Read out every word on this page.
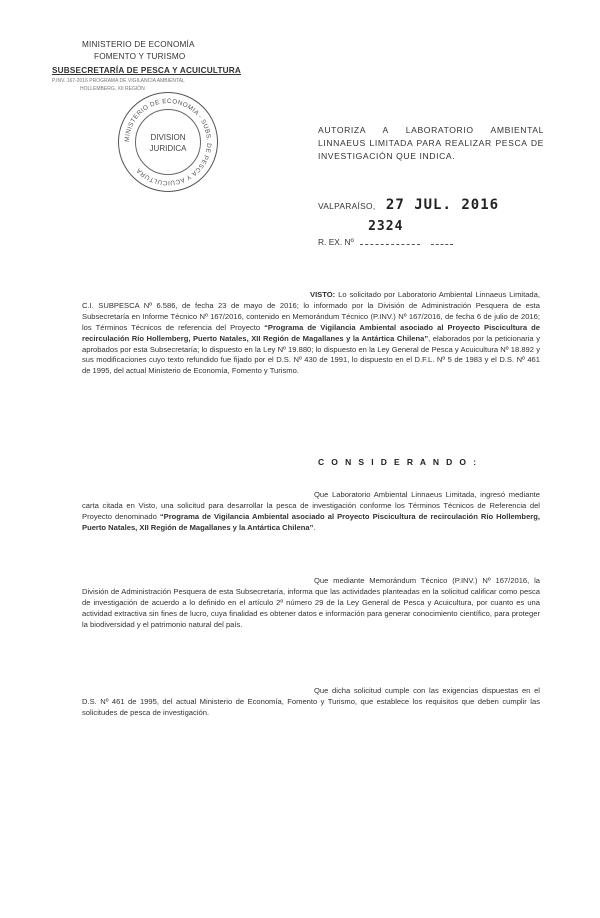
MINISTERIO DE ECONOMÍA
FOMENTO Y TURISMO
SUBSECRETARÍA DE PESCA Y ACUICULTURA
P.INV. 167-2016 PROGRAMA DE VIGILANCIA AMBIENTAL
HOLLEMBERG, XII REGIÓN
MINISTERIO DE ECONOMIA - SUBS. DE PESCA Y ACUICULTURA
DIVISION
JURIDICA
AUTORIZA A LABORATORIO AMBIENTAL LINNAEUS LIMITADA PARA REALIZAR PESCA DE INVESTIGACIÓN QUE INDICA.
VALPARAÍSO, 27 JUL. 2016
R. EX. Nº
2324

VISTO: Lo solicitado por Laboratorio Ambiental Linnaeus Limitada, C.I. SUBPESCA Nº 6.586, de fecha 23 de mayo de 2016; lo informado por la División de Administración Pesquera de esta Subsecretaría en Informe Técnico Nº 167/2016, contenido en Memorándum Técnico (P.INV.) Nº 167/2016, de fecha 6 de julio de 2016; los Términos Técnicos de referencia del Proyecto “Programa de Vigilancia Ambiental asociado al Proyecto Piscicultura de recirculación Río Hollemberg, Puerto Natales, XII Región de Magallanes y la Antártica Chilena”, elaborados por la peticionaria y aprobados por esta Subsecretaría; lo dispuesto en la Ley Nº 19.880; lo dispuesto en la Ley General de Pesca y Acuicultura Nº 18.892 y sus modificaciones cuyo texto refundido fue fijado por el D.S. Nº 430 de 1991, lo dispuesto en el D.F.L. Nº 5 de 1983 y el D.S. Nº 461 de 1995, del actual Ministerio de Economía, Fomento y Turismo.

C O N S I D E R A N D O :

Que Laboratorio Ambiental Linnaeus Limitada, ingresó mediante carta citada en Visto, una solicitud para desarrollar la pesca de investigación conforme los Términos Técnicos de Referencia del Proyecto denominado “Programa de Vigilancia Ambiental asociado al Proyecto Piscicultura de recirculación Río Hollemberg, Puerto Natales, XII Región de Magallanes y la Antártica Chilena”.

Que mediante Memorándum Técnico (P.INV.) Nº 167/2016, la División de Administración Pesquera de esta Subsecretaría, informa que las actividades planteadas en la solicitud calificar como pesca de investigación de acuerdo a lo definido en el artículo 2º número 29 de la Ley General de Pesca y Acuicultura, por cuanto es una actividad extractiva sin fines de lucro, cuya finalidad es obtener datos e información para generar conocimiento científico, para proteger la biodiversidad y el patrimonio natural del país.

Que dicha solicitud cumple con las exigencias dispuestas en el D.S. Nº 461 de 1995, del actual Ministerio de Economía, Fomento y Turismo, que establece los requisitos que deben cumplir las solicitudes de pesca de investigación.
